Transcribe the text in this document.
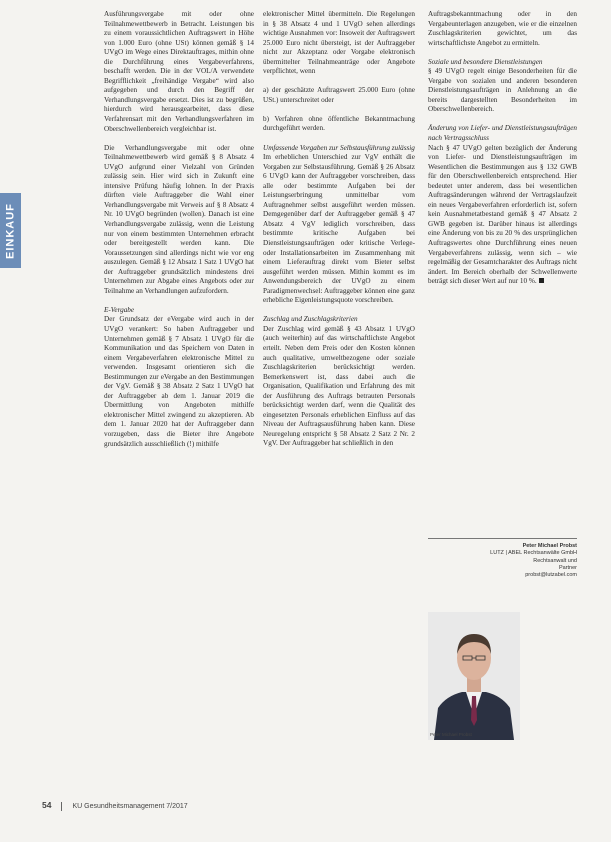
EINKAUF

Ausführungsvergabe mit oder ohne Teilnahmewettbewerb in Betracht. Leistungen bis zu einem voraussichtlichen Auftragswert in Höhe von 1.000 Euro (ohne USt) können gemäß § 14 UVgO im Wege eines Direktauftrages, mithin ohne die Durchführung eines Vergabeverfahrens, beschafft werden. Die in der VOL/A verwendete Begrifflichkeit „freihändige Vergabe“ wird also aufgegeben und durch den Begriff der Verhandlungsvergabe ersetzt. Dies ist zu begrüßen, hierdurch wird herausgearbeitet, dass diese Verfahrensart mit den Verhandlungsverfahren im Oberschwellenbereich vergleichbar ist.

Die Verhandlungsvergabe mit oder ohne Teilnahmewettbewerb wird gemäß § 8 Absatz 4 UVgO aufgrund einer Vielzahl von Gründen zulässig sein. Hier wird sich in Zukunft eine intensive Prüfung häufig lohnen. In der Praxis dürften viele Auftraggeber die Wahl einer Verhandlungsvergabe mit Verweis auf § 8 Absatz 4 Nr. 10 UVgO begründen (wollen). Danach ist eine Verhandlungsvergabe zulässig, wenn die Leistung nur von einem bestimmten Unternehmen erbracht oder bereitgestellt werden kann. Die Voraussetzungen sind allerdings nicht wie vor eng auszulegen. Gemäß § 12 Absatz 1 Satz 1 UVgO hat der Auftraggeber grundsätzlich mindestens drei Unternehmen zur Abgabe eines Angebots oder zur Teilnahme an Verhandlungen aufzufordern.

E-Vergabe
Der Grundsatz der eVergabe wird auch in der UVgO verankert: So haben Auftraggeber und Unternehmen gemäß § 7 Absatz 1 UVgO für die Kommunikation und das Speichern von Daten in einem Vergabeverfahren elektronische Mittel zu verwenden. Insgesamt orientieren sich die Bestimmungen zur eVergabe an den Bestimmungen der VgV. Gemäß § 38 Absatz 2 Satz 1 UVgO hat der Auftraggeber ab dem 1. Januar 2019 die Übermittlung von Angeboten mithilfe elektronischer Mittel zwingend zu akzeptieren. Ab dem 1. Januar 2020 hat der Auftraggeber dann vorzugeben, dass die Bieter ihre Angebote grundsätzlich ausschließlich (!) mithilfe

elektronischer Mittel übermitteln. Die Regelungen in § 38 Absatz 4 und 1 UVgO sehen allerdings wichtige Ausnahmen vor: Insoweit der Auftragswert 25.000 Euro nicht übersteigt, ist der Auftraggeber nicht zur Akzeptanz oder Vorgabe elektronisch übermittelter Teilnahmeanträge oder Angebote verpflichtet, wenn

a) der geschätzte Auftragswert 25.000 Euro (ohne USt.) unterschreitet oder

b) Verfahren ohne öffentliche Bekanntmachung durchgeführt werden.

Umfassende Vorgaben zur Selbstausführung zulässig
Im erheblichen Unterschied zur VgV enthält die Vorgaben zur Selbstausführung. Gemäß § 26 Absatz 6 UVgO kann der Auftraggeber vorschreiben, dass alle oder bestimmte Aufgaben bei der Leistungserbringung unmittelbar vom Auftragnehmer selbst ausgeführt werden müssen. Demgegenüber darf der Auftraggeber gemäß § 47 Absatz 4 VgV lediglich vorschreiben, dass bestimmte kritische Aufgaben bei Dienstleistungsaufträgen oder kritische Verlege- oder Installationsarbeiten im Zusammenhang mit einem Lieferauftrag direkt vom Bieter selbst ausgeführt werden müssen. Mithin kommt es im Anwendungsbereich der UVgO zu einem Paradigmenwechsel: Auftraggeber können eine ganz erhebliche Eigenleistungsquote vorschreiben.

Zuschlag und Zuschlagskriterien
Der Zuschlag wird gemäß § 43 Absatz 1 UVgO (auch weiterhin) auf das wirtschaftlichste Angebot erteilt. Neben dem Preis oder den Kosten können auch qualitative, umweltbezogene oder soziale Zuschlagskriterien berücksichtigt werden. Bemerkenswert ist, dass dabei auch die Organisation, Qualifikation und Erfahrung des mit der Ausführung des Auftrags betrauten Personals berücksichtigt werden darf, wenn die Qualität des eingesetzten Personals erheblichen Einfluss auf das Niveau der Auftragsausführung haben kann. Diese Neuregelung entspricht § 58 Absatz 2 Satz 2 Nr. 2 VgV. Der Auftraggeber hat schließlich in den

Auftragsbekanntmachung oder in den Vergabeunterlagen anzugeben, wie er die einzelnen Zuschlagskriterien gewichtet, um das wirtschaftlichste Angebot zu ermitteln.

Soziale und besondere Dienstleistungen
§ 49 UVgO regelt einige Besonderheiten für die Vergabe von sozialen und anderen besonderen Dienstleistungsaufträgen in Anlehnung an die bereits dargestellten Besonderheiten im Oberschwellenbereich.

Änderung von Liefer- und Dienstleistungsaufträgen nach Vertragsschluss
Nach § 47 UVgO gelten bezüglich der Änderung von Liefer- und Dienstleistungsaufträgen im Wesentlichen die Bestimmungen aus § 132 GWB für den Oberschwellenbereich entsprechend. Hier bedeutet unter anderem, dass bei wesentlichen Auftragsänderungen während der Vertragslaufzeit ein neues Vergabeverfahren erforderlich ist, sofern kein Ausnahmetatbestand gemäß § 47 Absatz 2 GWB gegeben ist. Darüber hinaus ist allerdings eine Änderung von bis zu 20 % des ursprünglichen Auftragswertes ohne Durchführung eines neuen Vergabeverfahrens zulässig, wenn sich – wie regelmäßig der Gesamtcharakter des Auftrags nicht ändert. Im Bereich oberhalb der Schwellenwerte beträgt sich dieser Wert auf nur 10 %.

Peter Michael Probst
LUTZ | ABEL Rechtsanwälte GmbH
Rechtsanwalt und
Partner
probst@lutzabel.com
Peter Michael Probst
54	KU Gesundheitsmanagement 7/2017
